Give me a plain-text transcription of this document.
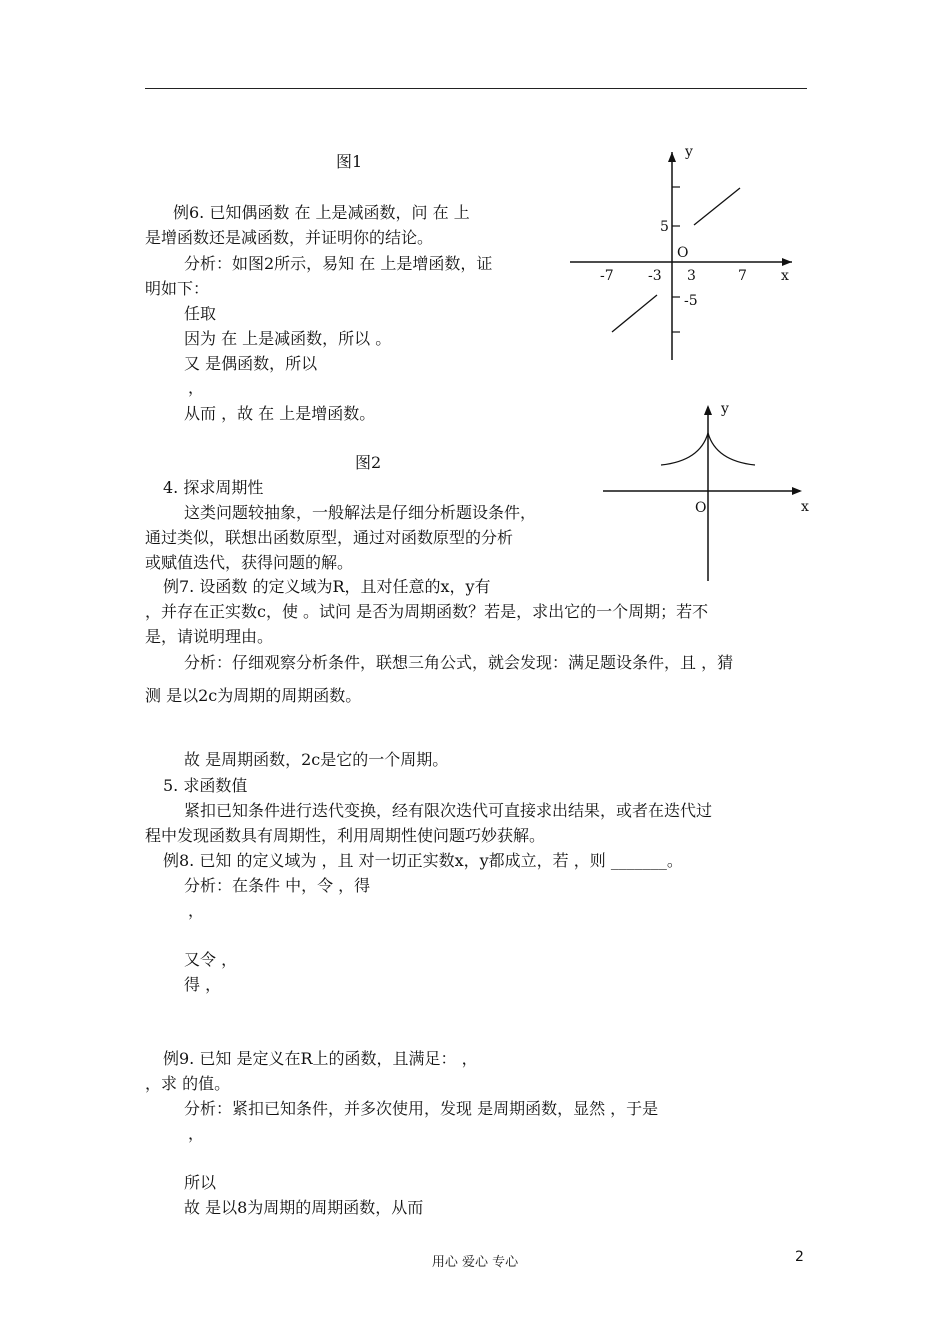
图1	y
x
O
5
-5
-7 -3 3	7
y
x
O
例6. 已知偶函数 在 上是减函数，问 在 上
是增函数还是减函数，并证明你的结论。
分析：如图2所示，易知 在 上是增函数，证
明如下：
任取
因为 在 上是减函数，所以 。
又 是偶函数，所以
，
从而 ，故 在 上是增函数。
图2
4. 探求周期性
这类问题较抽象，一般解法是仔细分析题设条件，
通过类似，联想出函数原型，通过对函数原型的分析
或赋值迭代，获得问题的解。
例7. 设函数 的定义域为R，且对任意的x，y有
，并存在正实数c，使 。试问 是否为周期函数？若是，求出它的一个周期；若不
是，请说明理由。
分析：仔细观察分析条件，联想三角公式，就会发现：满足题设条件，且 ，猜
测 是以2c为周期的周期函数。
故 是周期函数，2c是它的一个周期。
5. 求函数值
紧扣已知条件进行迭代变换，经有限次迭代可直接求出结果，或者在迭代过
程中发现函数具有周期性，利用周期性使问题巧妙获解。
例8. 已知 的定义域为 ，且 对一切正实数x，y都成立，若 ，则 _______。
分析：在条件 中，令 ，得
，
又令 ，
得 ，
例9. 已知 是定义在R上的函数，且满足： ，
，求 的值。
分析：紧扣已知条件，并多次使用，发现 是周期函数，显然 ，于是
，
所以
故 是以8为周期的周期函数，从而
用心 爱心 专心	2
